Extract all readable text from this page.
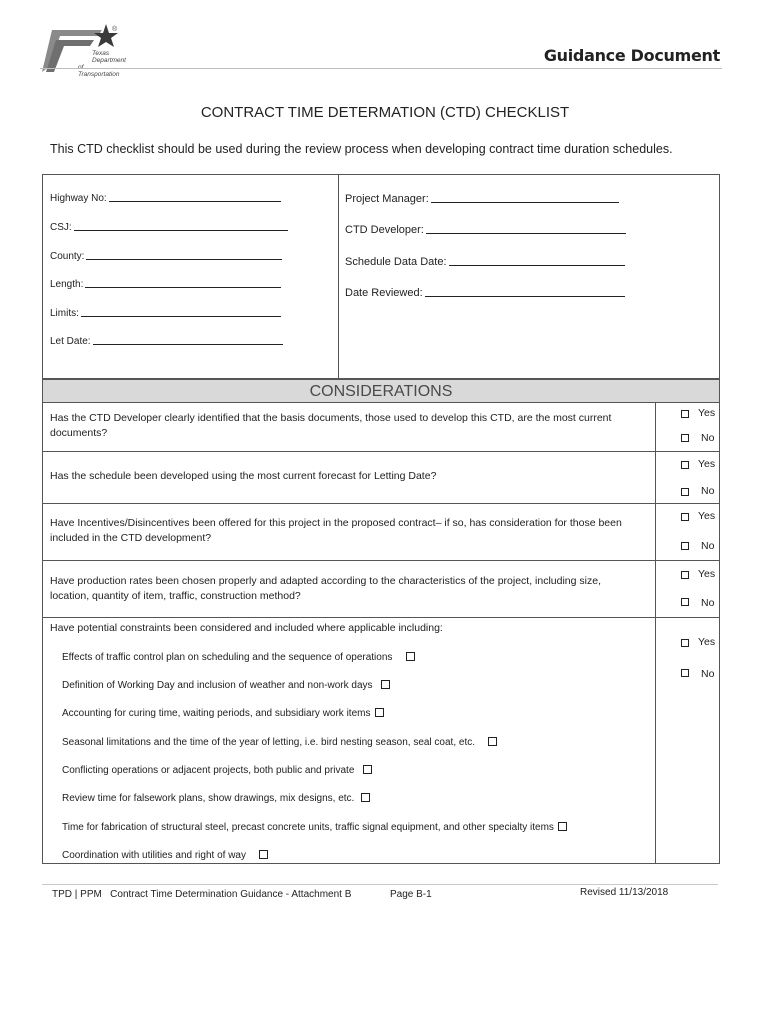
Texas
Department
Transportation
®
Guidance Document
CONTRACT TIME DETERMATION (CTD) CHECKLIST
This CTD checklist should be used during the review process when developing contract time duration schedules.
Highway No:
CSJ:
County:
Length:
Limits:
Let Date:
Project Manager:
CTD Developer:
Schedule Data Date:
Date Reviewed:
CONSIDERATIONS
Has the CTD Developer clearly identified that the basis documents, those used to develop this CTD, are the most current documents?
Has the schedule been developed using the most current forecast for Letting Date?
Have Incentives/Disincentives been offered for this project in the proposed contract– if so, has consideration for those been included in the CTD development?
Have production rates been chosen properly and adapted according to the characteristics of the project, including size, location, quantity of item, traffic, construction method?
Have potential constraints been considered and included where applicable including:
Yes
No
Yes
No
Yes
No
Yes
No
Yes
No
Effects of traffic control plan on scheduling and the sequence of operations
Definition of Working Day and inclusion of weather and non-work days
Accounting for curing time, waiting periods, and subsidiary work items
Seasonal limitations and the time of the year of letting, i.e. bird nesting season, seal coat, etc.
Conflicting operations or adjacent projects, both public and private
Review time for falsework plans, show drawings, mix designs, etc.
Time for fabrication of structural steel, precast concrete units, traffic signal equipment, and other specialty items
Coordination with utilities and right of way
TPD | PPM   Contract Time Determination Guidance - Attachment B	Page B-1	Revised 11/13/2018
